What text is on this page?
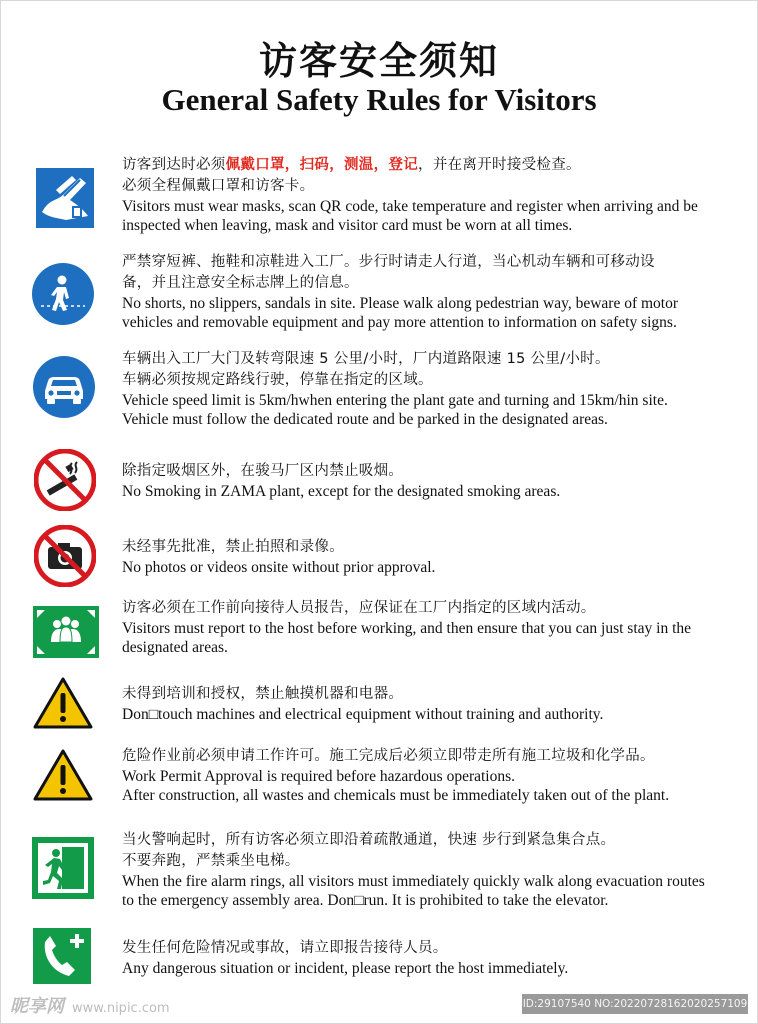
访客安全须知
General Safety Rules for Visitors
访客到达时必须佩戴口罩，扫码，测温，登记，并在离开时接受检查。
必须全程佩戴口罩和访客卡。
Visitors must wear masks, scan QR code, take temperature and register when arriving and be
inspected when leaving, mask and visitor card must be worn at all times.
严禁穿短裤、拖鞋和凉鞋进入工厂。步行时请走人行道，当心机动车辆和可移动设
备，并且注意安全标志牌上的信息。
No shorts, no slippers, sandals in site. Please walk along pedestrian way, beware of motor
vehicles and removable equipment and pay more attention to information on safety signs.
车辆出入工厂大门及转弯限速 5 公里/小时，厂内道路限速 15 公里/小时。
车辆必须按规定路线行驶，停靠在指定的区域。
Vehicle speed limit is 5km/hwhen entering the plant gate and turning and 15km/hin site.
Vehicle must follow the dedicated route and be parked in the designated areas.
除指定吸烟区外，在骏马厂区内禁止吸烟。
No Smoking in ZAMA plant, except for the designated smoking areas.
未经事先批准，禁止拍照和录像。
No photos or videos onsite without prior approval.
访客必须在工作前向接待人员报告，应保证在工厂内指定的区域内活动。
Visitors must report to the host before working, and then ensure that you can just stay in the
designated areas.
未得到培训和授权，禁止触摸机器和电器。
Don□touch machines and electrical equipment without training and authority.
危险作业前必须申请工作许可。施工完成后必须立即带走所有施工垃圾和化学品。
Work Permit Approval is required before hazardous operations.
After construction, all wastes and chemicals must be immediately taken out of the plant.
当火警响起时，所有访客必须立即沿着疏散通道，快速 步行到紧急集合点。
不要奔跑，严禁乘坐电梯。
When the fire alarm rings, all visitors must immediately quickly walk along evacuation routes
to the emergency assembly area. Don□run. It is prohibited to take the elevator.
发生任何危险情况或事故，请立即报告接待人员。
Any dangerous situation or incident, please report the host immediately.
昵享网 www.nipic.com	ID:29107540 NO:20220728162020257109
